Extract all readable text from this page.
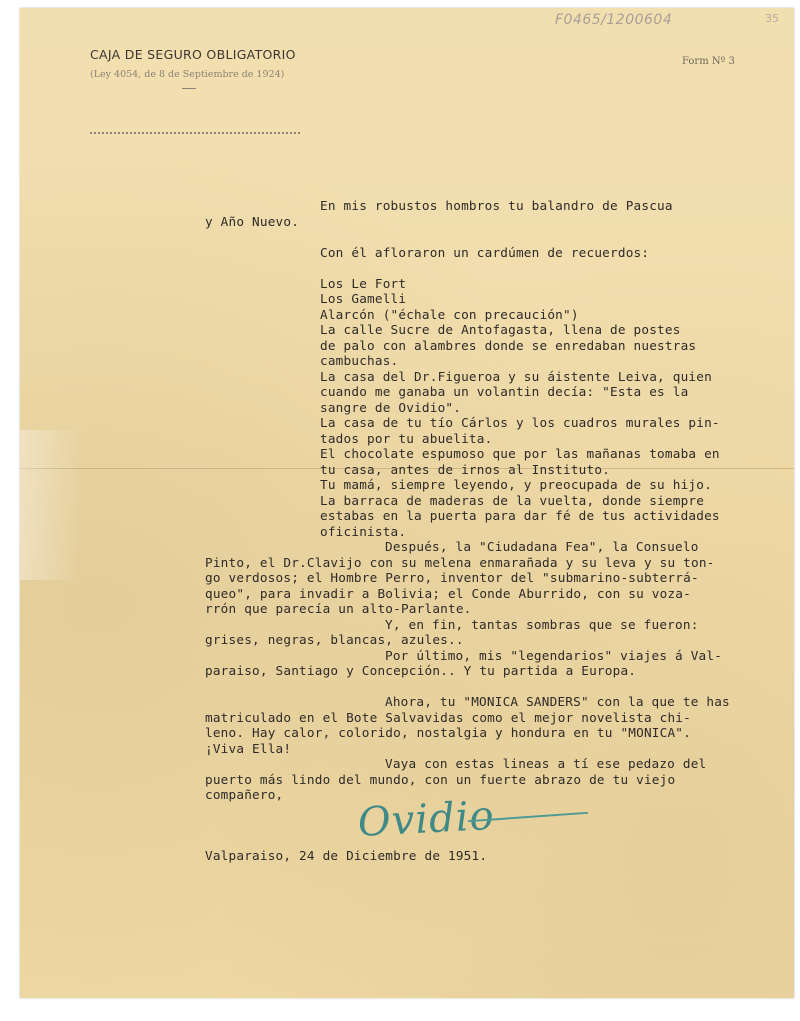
F0465/1200604	35
CAJA DE SEGURO OBLIGATORIO
(Ley 4054, de 8 de Septiembre de 1924)
Form Nº 3
En mis robustos hombros tu balandro de Pascua
y Año Nuevo.
Con él afloraron un cardúmen de recuerdos:
Los Le Fort
Los Gamelli
Alarcón ("échale con precaución")
La calle Sucre de Antofagasta, llena de postes
de palo con alambres donde se enredaban nuestras
cambuchas.
La casa del Dr.Figueroa y su áistente Leiva, quien
cuando me ganaba un volantin decía: "Esta es la
sangre de Ovidio".
La casa de tu tío Cárlos y los cuadros murales pin-
tados por tu abuelita.
El chocolate espumoso que por las mañanas tomaba en
tu casa, antes de irnos al Instituto.
Tu mamá, siempre leyendo, y preocupada de su hijo.
La barraca de maderas de la vuelta, donde siempre
estabas en la puerta para dar fé de tus actividades
oficinista.
Después, la "Ciudadana Fea", la Consuelo
Pinto, el Dr.Clavijo con su melena enmarañada y su leva y su ton-
go verdosos; el Hombre Perro, inventor del "submarino-subterrá-
queo", para invadir a Bolivia; el Conde Aburrido, con su voza-
rrón que parecía un alto-Parlante.
Y, en fin, tantas sombras que se fueron:
grises, negras, blancas, azules..
Por último, mis "legendarios" viajes á Val-
paraiso, Santiago y Concepción.. Y tu partida a Europa.
Ahora, tu "MONICA SANDERS" con la que te has
matriculado en el Bote Salvavidas como el mejor novelista chi-
leno. Hay calor, colorido, nostalgia y hondura en tu "MONICA".
¡Viva Ella!
Vaya con estas lineas a tí ese pedazo del
puerto más lindo del mundo, con un fuerte abrazo de tu viejo
compañero, Ovidio
Valparaiso, 24 de Diciembre de 1951.
